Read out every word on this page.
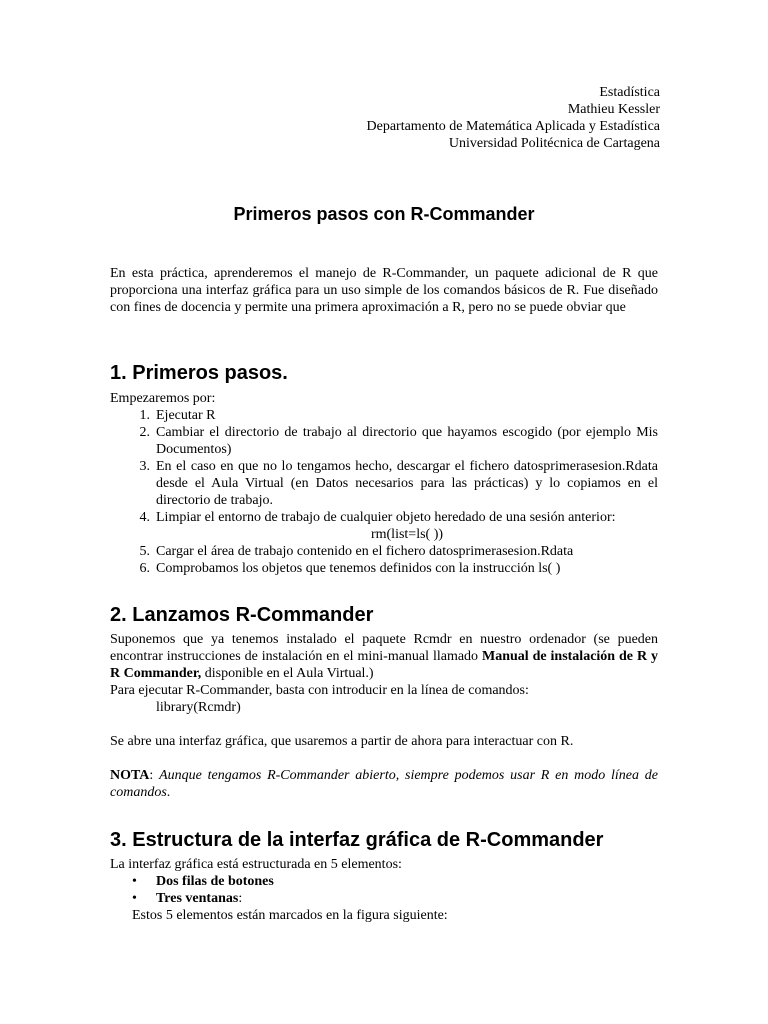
Estadística
Mathieu Kessler
Departamento de Matemática Aplicada y Estadística
Universidad Politécnica de Cartagena
Primeros pasos con R-Commander
En esta práctica, aprenderemos el manejo de R-Commander, un paquete adicional de R que proporciona una interfaz gráfica para un uso simple de los comandos básicos de R. Fue diseñado con fines de docencia y permite una primera aproximación a R, pero no se puede obviar que
1. Primeros pasos.
Empezaremos por:
1. Ejecutar R
2. Cambiar el directorio de trabajo al directorio que hayamos escogido (por ejemplo Mis Documentos)
3. En el caso en que no lo tengamos hecho, descargar el fichero datosprimerasesion.Rdata desde el Aula Virtual (en Datos necesarios para las prácticas) y lo copiamos en el directorio de trabajo.
4. Limpiar el entorno de trabajo de cualquier objeto heredado de una sesión anterior:
rm(list=ls( ))
5. Cargar el área de trabajo contenido en el fichero datosprimerasesion.Rdata
6. Comprobamos los objetos que tenemos definidos con la instrucción ls( )
2. Lanzamos R-Commander
Suponemos que ya tenemos instalado el paquete Rcmdr en nuestro ordenador (se pueden encontrar instrucciones de instalación en el mini-manual llamado Manual de instalación de R y R Commander, disponible en el Aula Virtual.)
Para ejecutar R-Commander, basta con introducir en la línea de comandos:
library(Rcmdr)
Se abre una interfaz gráfica, que usaremos a partir de ahora para interactuar con R.
NOTA: Aunque tengamos R-Commander abierto, siempre podemos usar R en modo línea de comandos.
3. Estructura de la interfaz gráfica de R-Commander
La interfaz gráfica está estructurada en 5 elementos:
• Dos filas de botones
• Tres ventanas:
Estos 5 elementos están marcados en la figura siguiente:
